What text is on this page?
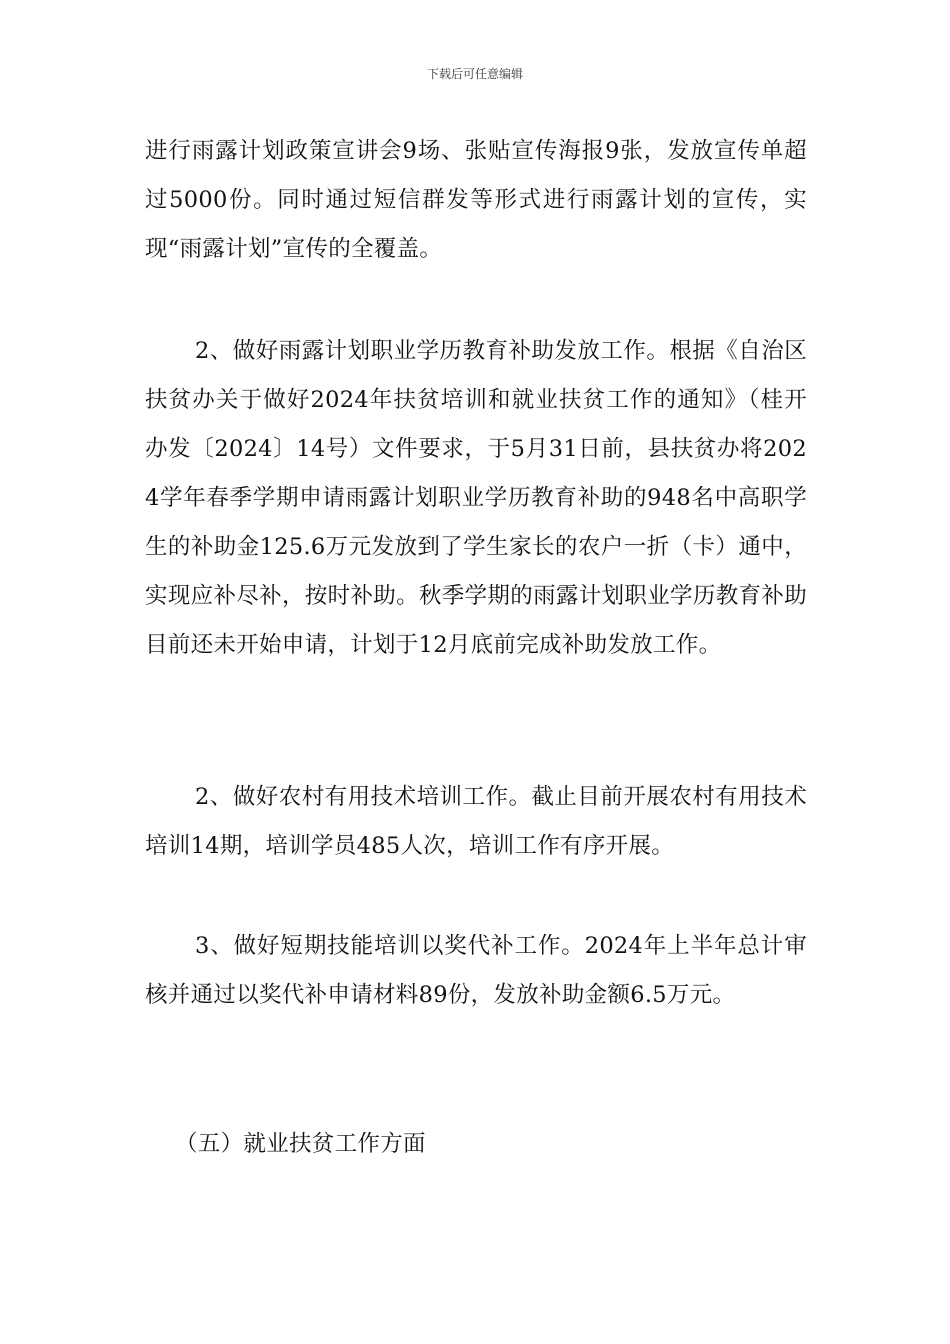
下载后可任意编辑

进行雨露计划政策宣讲会9场、张贴宣传海报9张，发放宣传单超过5000份。同时通过短信群发等形式进行雨露计划的宣传，实现“雨露计划”宣传的全覆盖。

2、做好雨露计划职业学历教育补助发放工作。根据《自治区扶贫办关于做好2024年扶贫培训和就业扶贫工作的通知》（桂开办发〔2024〕14号）文件要求，于5月31日前，县扶贫办将2024学年春季学期申请雨露计划职业学历教育补助的948名中高职学生的补助金125.6万元发放到了学生家长的农户一折（卡）通中，实现应补尽补，按时补助。秋季学期的雨露计划职业学历教育补助目前还未开始申请，计划于12月底前完成补助发放工作。

2、做好农村有用技术培训工作。截止目前开展农村有用技术培训14期，培训学员485人次，培训工作有序开展。

3、做好短期技能培训以奖代补工作。2024年上半年总计审核并通过以奖代补申请材料89份，发放补助金额6.5万元。

（五）就业扶贫工作方面
